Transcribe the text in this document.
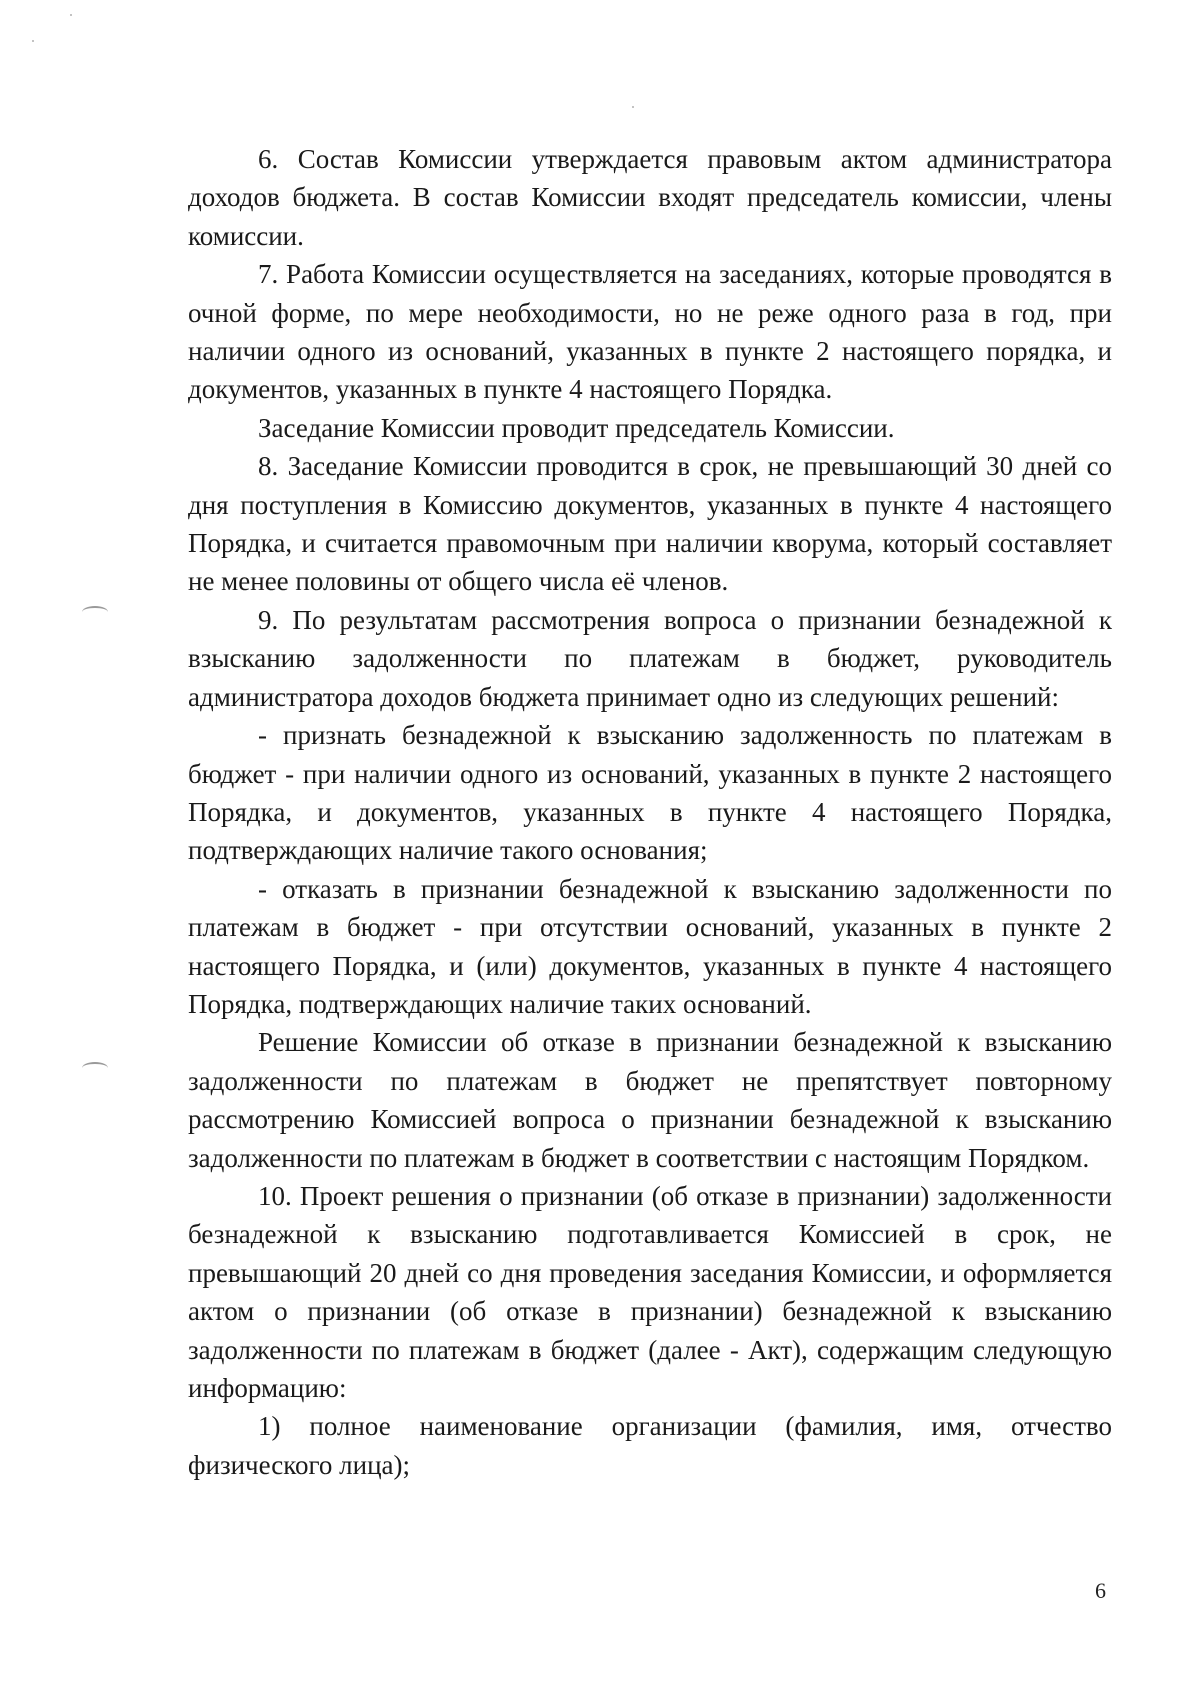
6. Состав Комиссии утверждается правовым актом администратора доходов бюджета. В состав Комиссии входят председатель комиссии, члены комиссии.

7. Работа Комиссии осуществляется на заседаниях, которые проводятся в очной форме, по мере необходимости, но не реже одного раза в год, при наличии одного из оснований, указанных в пункте 2 настоящего порядка, и документов, указанных в пункте 4 настоящего Порядка.

Заседание Комиссии проводит председатель Комиссии.

8. Заседание Комиссии проводится в срок, не превышающий 30 дней со дня поступления в Комиссию документов, указанных в пункте 4 настоящего Порядка, и считается правомочным при наличии кворума, который составляет не менее половины от общего числа её членов.

9. По результатам рассмотрения вопроса о признании безнадежной к взысканию задолженности по платежам в бюджет, руководитель администратора доходов бюджета принимает одно из следующих решений:

- признать безнадежной к взысканию задолженность по платежам в бюджет - при наличии одного из оснований, указанных в пункте 2 настоящего Порядка, и документов, указанных в пункте 4 настоящего Порядка, подтверждающих наличие такого основания;

- отказать в признании безнадежной к взысканию задолженности по платежам в бюджет - при отсутствии оснований, указанных в пункте 2 настоящего Порядка, и (или) документов, указанных в пункте 4 настоящего Порядка, подтверждающих наличие таких оснований.

Решение Комиссии об отказе в признании безнадежной к взысканию задолженности по платежам в бюджет не препятствует повторному рассмотрению Комиссией вопроса о признании безнадежной к взысканию задолженности по платежам в бюджет в соответствии с настоящим Порядком.

10. Проект решения о признании (об отказе в признании) задолженности безнадежной к взысканию подготавливается Комиссией в срок, не превышающий 20 дней со дня проведения заседания Комиссии, и оформляется актом о признании (об отказе в признании) безнадежной к взысканию задолженности по платежам в бюджет (далее - Акт), содержащим следующую информацию:

1) полное наименование организации (фамилия, имя, отчество физического лица);

6
